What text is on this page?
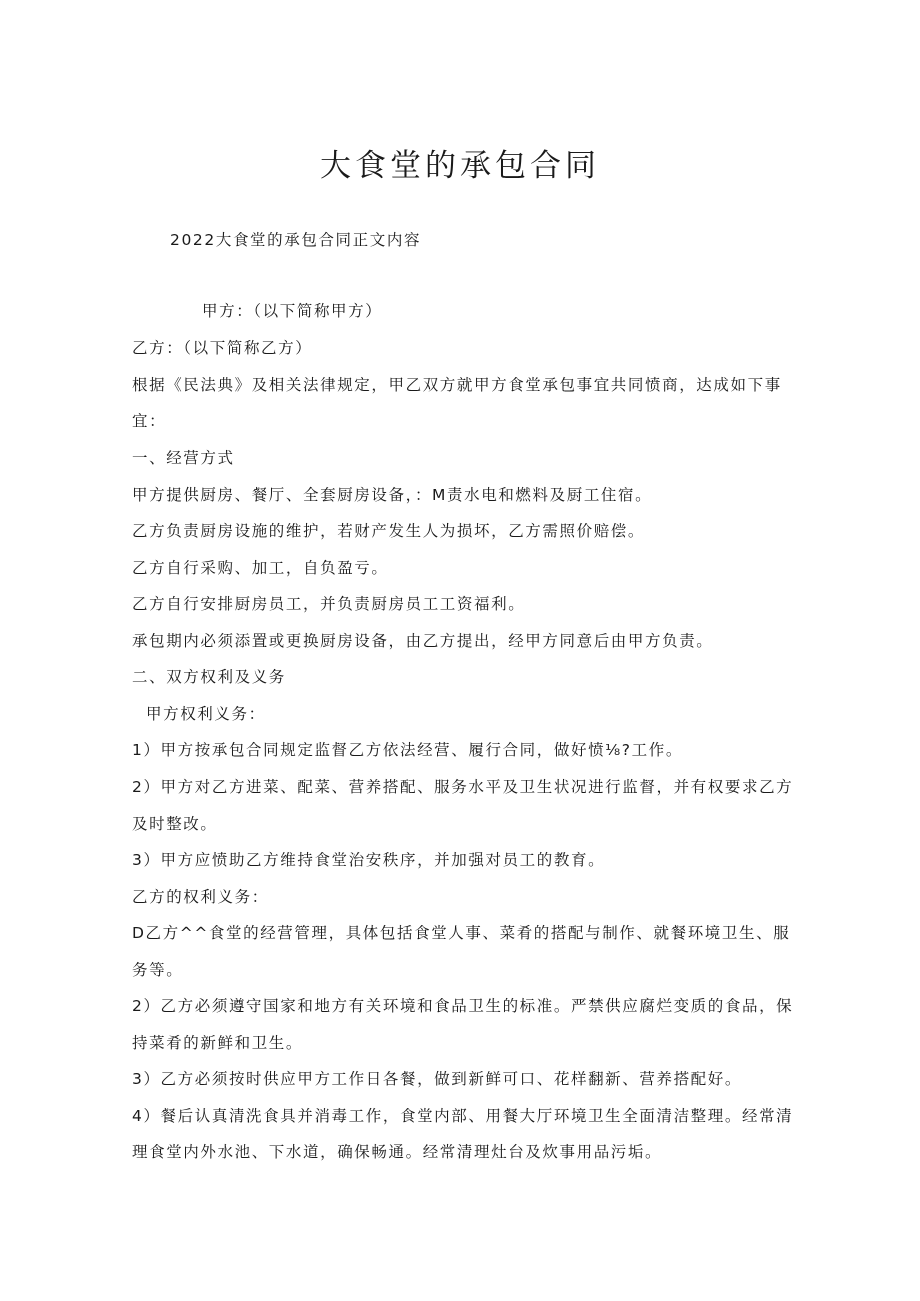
大食堂的承包合同

2022大食堂的承包合同正文内容

甲方：（以下简称甲方）

乙方：（以下简称乙方）

根据《民法典》及相关法律规定，甲乙双方就甲方食堂承包事宜共同愤商，达成如下事

宜：

一、经营方式

甲方提供厨房、餐厅、全套厨房设备，：M责水电和燃料及厨工住宿。

乙方负责厨房设施的维护，若财产发生人为损坏，乙方需照价赔偿。

乙方自行采购、加工，自负盈亏。

乙方自行安排厨房员工，并负责厨房员工工资福利。

承包期内必须添置或更换厨房设备，由乙方提出，经甲方同意后由甲方负责。

二、双方权利及义务

甲方权利义务：

1）甲方按承包合同规定监督乙方依法经营、履行合同，做好愤⅛?工作。

2）甲方对乙方进菜、配菜、营养搭配、服务水平及卫生状况进行监督，并有权要求乙方

及时整改。

3）甲方应愤助乙方维持食堂治安秩序，并加强对员工的教育。

乙方的权利义务：

D乙方^^食堂的经营管理，具体包括食堂人事、菜肴的搭配与制作、就餐环境卫生、服

务等。

2）乙方必须遵守国家和地方有关环境和食品卫生的标准。严禁供应腐烂变质的食品，保

持菜肴的新鲜和卫生。

3）乙方必须按时供应甲方工作日各餐，做到新鲜可口、花样翻新、营养搭配好。

4）餐后认真清洗食具并消毒工作，食堂内部、用餐大厅环境卫生全面清洁整理。经常清

理食堂内外水池、下水道，确保畅通。经常清理灶台及炊事用品污垢。
